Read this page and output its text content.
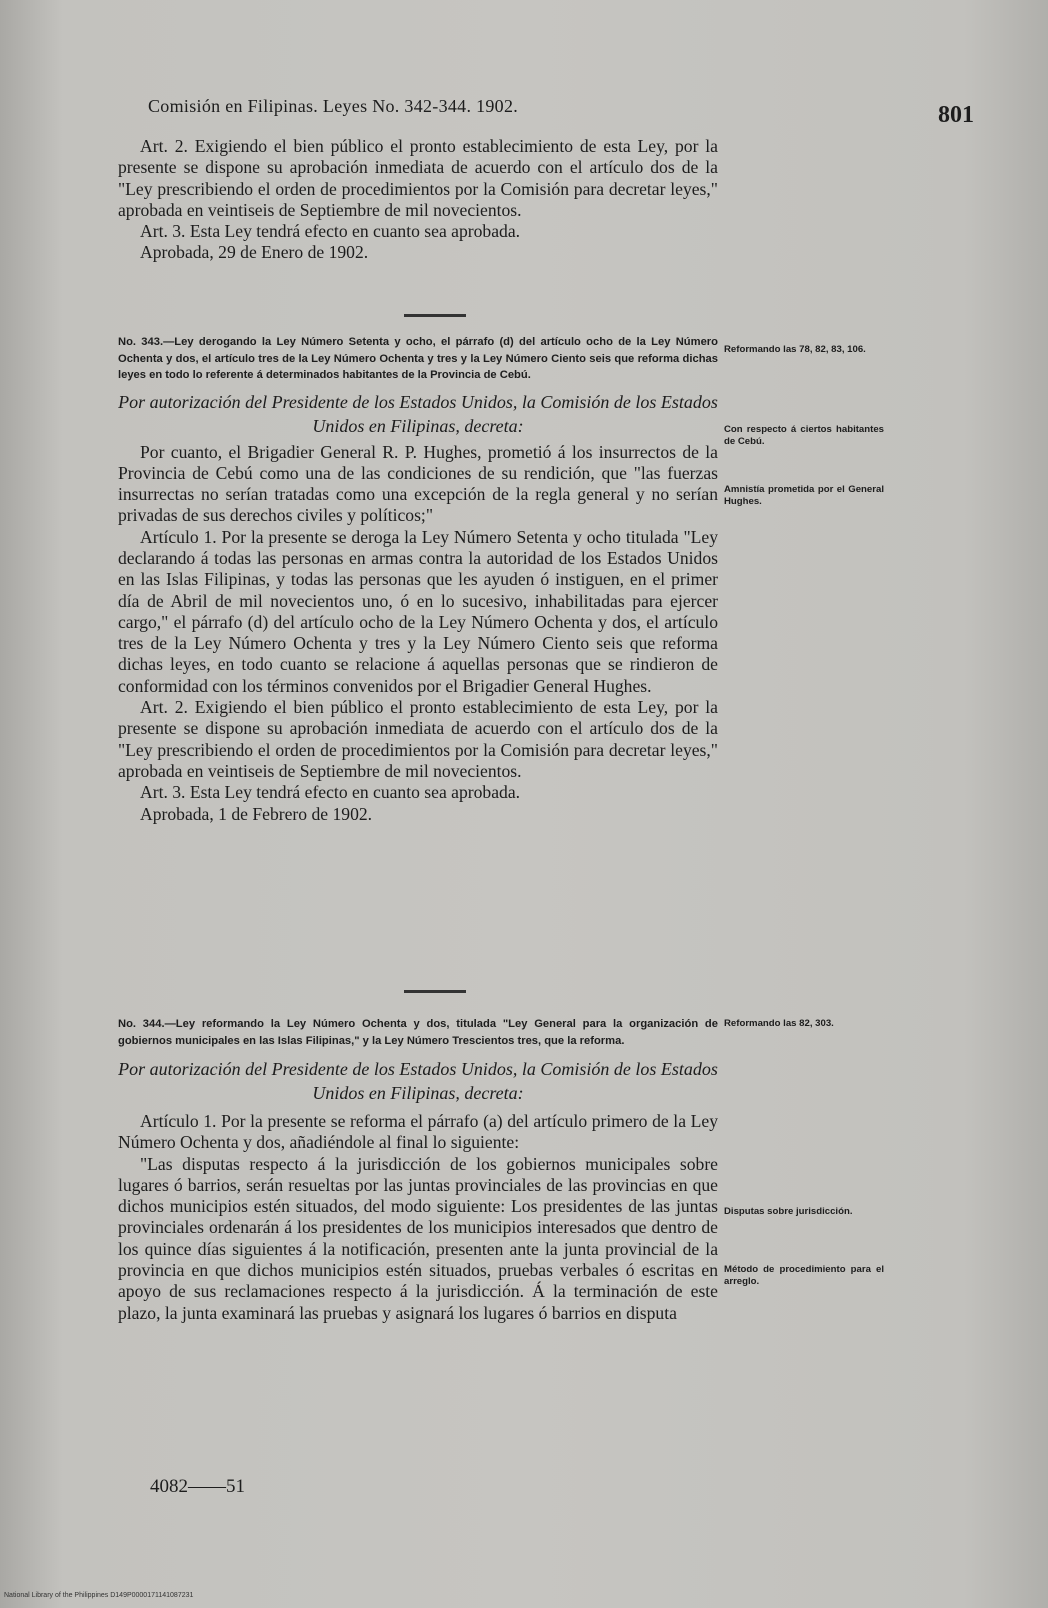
Comisión en Filipinas. Leyes No. 342-344. 1902.	801

Art. 2. Exigiendo el bien público el pronto establecimiento de esta Ley, por la presente se dispone su aprobación inmediata de acuerdo con el artículo dos de la "Ley prescribiendo el orden de procedimientos por la Comisión para decretar leyes," aprobada en veintiseis de Septiembre de mil novecientos.

Art. 3. Esta Ley tendrá efecto en cuanto sea aprobada.

Aprobada, 29 de Enero de 1902.

No. 343.—Ley derogando la Ley Número Setenta y ocho, el párrafo (d) del artículo ocho de la Ley Número Ochenta y dos, el artículo tres de la Ley Número Ochenta y tres y la Ley Número Ciento seis que reforma dichas leyes en todo lo referente á determinados habitantes de la Provincia de Cebú.

Por autorización del Presidente de los Estados Unidos, la Comisión de los Estados Unidos en Filipinas, decreta:

Por cuanto, el Brigadier General R. P. Hughes, prometió á los insurrectos de la Provincia de Cebú como una de las condiciones de su rendición, que "las fuerzas insurrectas no serían tratadas como una excepción de la regla general y no serían privadas de sus derechos civiles y políticos;"

Artículo 1. Por la presente se deroga la Ley Número Setenta y ocho titulada "Ley declarando á todas las personas en armas contra la autoridad de los Estados Unidos en las Islas Filipinas, y todas las personas que les ayuden ó instiguen, en el primer día de Abril de mil novecientos uno, ó en lo sucesivo, inhabilitadas para ejercer cargo," el párrafo (d) del artículo ocho de la Ley Número Ochenta y dos, el artículo tres de la Ley Número Ochenta y tres y la Ley Número Ciento seis que reforma dichas leyes, en todo cuanto se relacione á aquellas personas que se rindieron de conformidad con los términos convenidos por el Brigadier General Hughes.

Art. 2. Exigiendo el bien público el pronto establecimiento de esta Ley, por la presente se dispone su aprobación inmediata de acuerdo con el artículo dos de la "Ley prescribiendo el orden de procedimientos por la Comisión para decretar leyes," aprobada en veintiseis de Septiembre de mil novecientos.

Art. 3. Esta Ley tendrá efecto en cuanto sea aprobada.

Aprobada, 1 de Febrero de 1902.

Reformando las 78, 82, 83, 106.
Con respecto á ciertos habitantes de Cebú.
Amnistía prometida por el General Hughes.

No. 344.—Ley reformando la Ley Número Ochenta y dos, titulada "Ley General para la organización de gobiernos municipales en las Islas Filipinas," y la Ley Número Trescientos tres, que la reforma.

Por autorización del Presidente de los Estados Unidos, la Comisión de los Estados Unidos en Filipinas, decreta:

Artículo 1. Por la presente se reforma el párrafo (a) del artículo primero de la Ley Número Ochenta y dos, añadiéndole al final lo siguiente:

"Las disputas respecto á la jurisdicción de los gobiernos municipales sobre lugares ó barrios, serán resueltas por las juntas provinciales de las provincias en que dichos municipios estén situados, del modo siguiente: Los presidentes de las juntas provinciales ordenarán á los presidentes de los municipios interesados que dentro de los quince días siguientes á la notificación, presenten ante la junta provincial de la provincia en que dichos municipios estén situados, pruebas verbales ó escritas en apoyo de sus reclamaciones respecto á la jurisdicción. Á la terminación de este plazo, la junta examinará las pruebas y asignará los lugares ó barrios en disputa

Reformando las 82, 303.
Disputas sobre jurisdicción.
Método de procedimiento para el arreglo.
4082——51
National Library of the Philippines D149P0000171141087231
